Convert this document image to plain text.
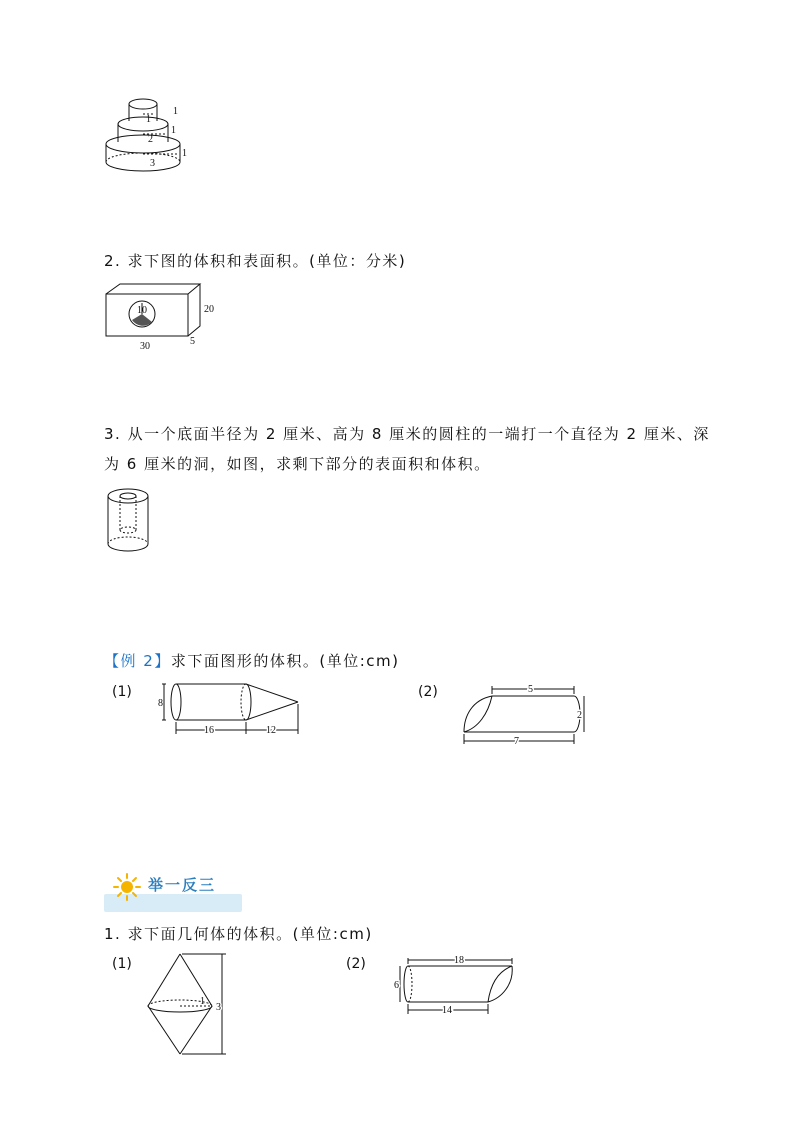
1
1
1
1
2
3
2. 求下图的体积和表面积。(单位：分米)
10	20
30	5
3. 从一个底面半径为 2 厘米、高为 8 厘米的圆柱的一端打一个直径为 2 厘米、深
为 6 厘米的洞，如图，求剩下部分的表面积和体积。
【例 2】求下面图形的体积。(单位:cm)
(1)
8
16	12
(2)	5
2
7
举一反三
1. 求下面几何体的体积。(单位:cm)
(1)
1
3
(2)	18
6
14
